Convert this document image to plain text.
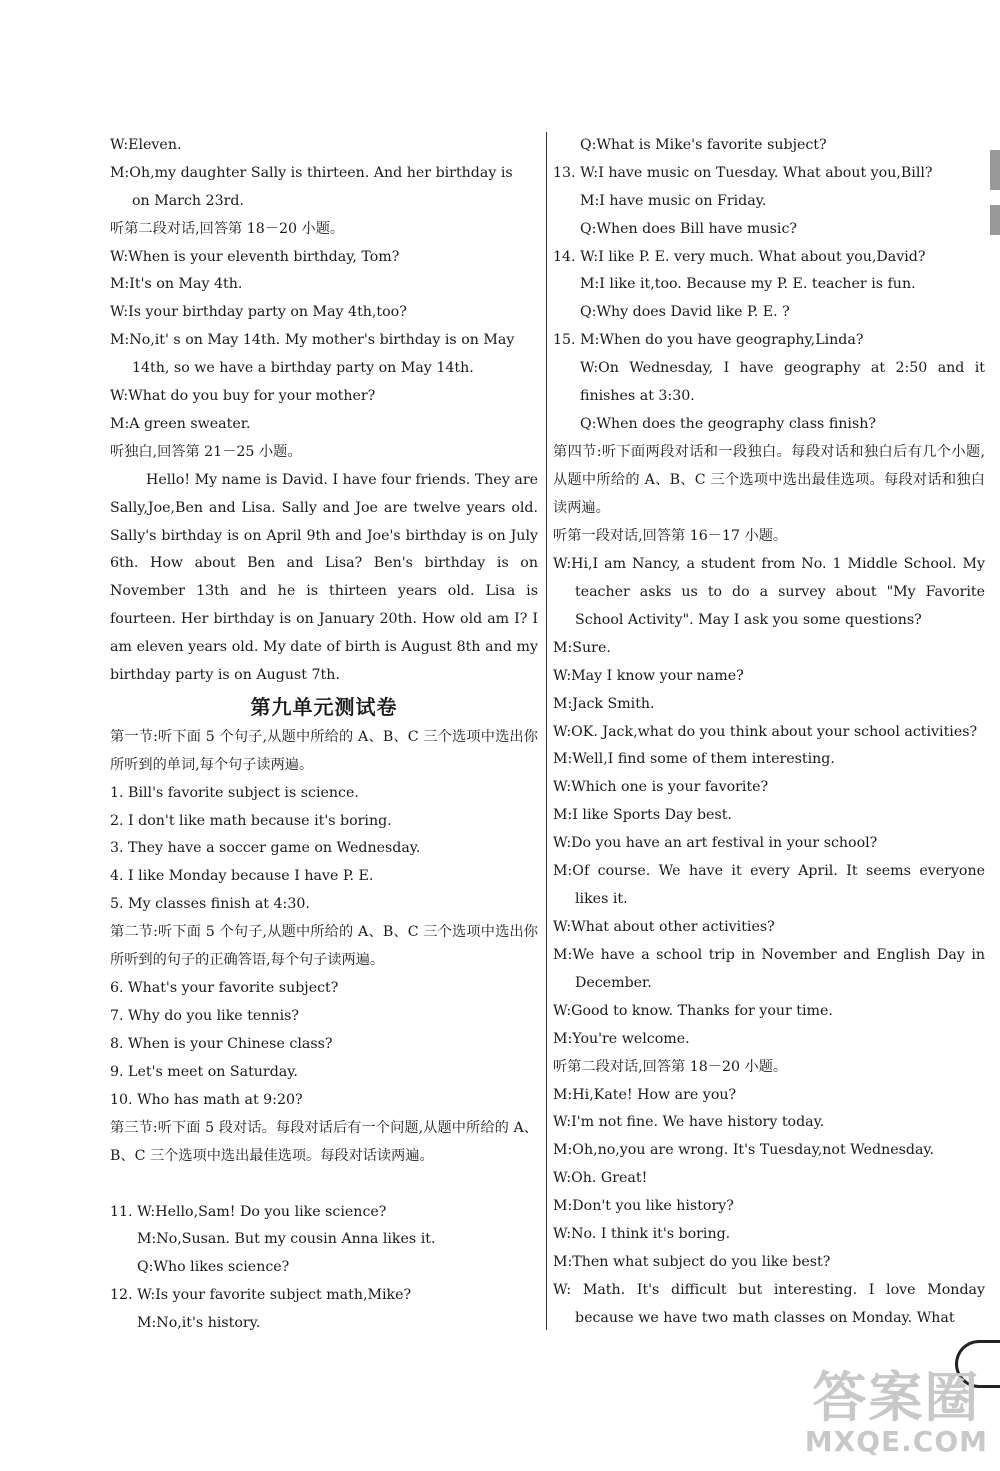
W:Eleven.
M:Oh,my daughter Sally is thirteen. And her birthday is
on March 23rd.
听第二段对话,回答第 18－20 小题。
W:When is your eleventh birthday, Tom?
M:It's on May 4th.
W:Is your birthday party on May 4th,too?
M:No,it' s on May 14th. My mother's birthday is on May
14th, so we have a birthday party on May 14th.
W:What do you buy for your mother?
M:A green sweater.
听独白,回答第 21－25 小题。
Hello! My name is David. I have four friends. They are Sally,Joe,Ben and Lisa. Sally and Joe are twelve years old. Sally's birthday is on April 9th and Joe's birthday is on July 6th. How about Ben and Lisa? Ben's birthday is on November 13th and he is thirteen years old. Lisa is fourteen. Her birthday is on January 20th. How old am I? I am eleven years old. My date of birth is August 8th and my birthday party is on August 7th.
第九单元测试卷
第一节:听下面 5 个句子,从题中所给的 A、B、C 三个选项中选出你所听到的单词,每个句子读两遍。
1. Bill's favorite subject is science.
2. I don't like math because it's boring.
3. They have a soccer game on Wednesday.
4. I like Monday because I have P. E.
5. My classes finish at 4:30.
第二节:听下面 5 个句子,从题中所给的 A、B、C 三个选项中选出你所听到的句子的正确答语,每个句子读两遍。
6. What's your favorite subject?
7. Why do you like tennis?
8. When is your Chinese class?
9. Let's meet on Saturday.
10. Who has math at 9:20?
第三节:听下面 5 段对话。每段对话后有一个问题,从题中所给的 A、B、C 三个选项中选出最佳选项。每段对话读两遍。
11. W:Hello,Sam! Do you like science?
M:No,Susan. But my cousin Anna likes it.
Q:Who likes science?
12. W:Is your favorite subject math,Mike?
M:No,it's history.
Q:What is Mike's favorite subject?
13. W:I have music on Tuesday. What about you,Bill?
M:I have music on Friday.
Q:When does Bill have music?
14. W:I like P. E. very much. What about you,David?
M:I like it,too. Because my P. E. teacher is fun.
Q:Why does David like P. E. ?
15. M:When do you have geography,Linda?
W:On Wednesday, I have geography at 2:50 and it finishes at 3:30.
Q:When does the geography class finish?
第四节:听下面两段对话和一段独白。每段对话和独白后有几个小题,从题中所给的 A、B、C 三个选项中选出最佳选项。每段对话和独白读两遍。
听第一段对话,回答第 16－17 小题。
W:Hi,I am Nancy, a student from No. 1 Middle School. My teacher asks us to do a survey about "My Favorite School Activity". May I ask you some questions?
M:Sure.
W:May I know your name?
M:Jack Smith.
W:OK. Jack,what do you think about your school activities?
M:Well,I find some of them interesting.
W:Which one is your favorite?
M:I like Sports Day best.
W:Do you have an art festival in your school?
M:Of course. We have it every April. It seems everyone likes it.
W:What about other activities?
M:We have a school trip in November and English Day in December.
W:Good to know. Thanks for your time.
M:You're welcome.
听第二段对话,回答第 18－20 小题。
M:Hi,Kate! How are you?
W:I'm not fine. We have history today.
M:Oh,no,you are wrong. It's Tuesday,not Wednesday.
W:Oh. Great!
M:Don't you like history?
W:No. I think it's boring.
M:Then what subject do you like best?
W: Math. It's difficult but interesting. I love Monday because we have two math classes on Monday. What
答案圈
MXQE.COM
